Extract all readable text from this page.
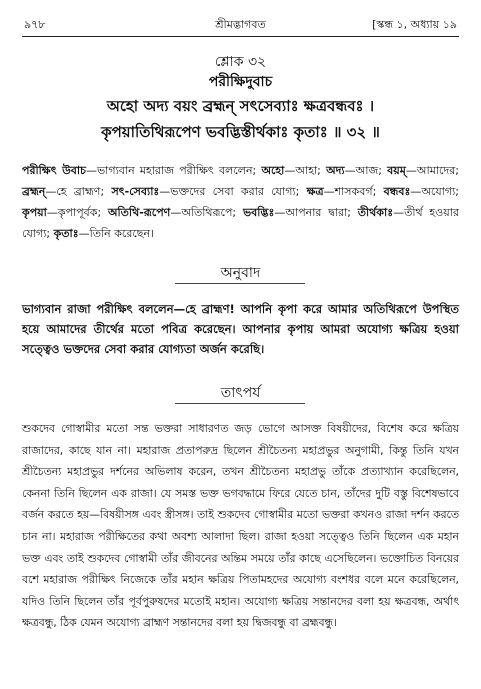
৯৭৮	শ্রীমদ্ভাগবত	[স্কন্ধ ১, অধ্যায় ১৯
শ্লোক ৩২
পরীক্ষিদুবাচ
অহো অদ্য বয়ং ব্রহ্মন্ সৎসেব্যাঃ ক্ষত্রবন্ধবঃ ।
কৃপয়াতিথিরূপেণ ভবদ্ভিস্তীর্থকাঃ কৃতাঃ ॥ ৩২ ॥
পরীক্ষিৎ উবাচ—ভাগ্যবান মহারাজ পরীক্ষিৎ বললেন; অহো—আহা; অদ্য—আজ; বয়ম্—আমাদের; ব্রহ্মন্—হে ব্রাহ্মণ; সৎ-সেব্যাঃ—ভক্তদের সেবা করার যোগ্য; ক্ষত্র—শাসকবর্গ; বন্ধবঃ—অযোগ্য; কৃপয়া—কৃপাপূর্বক; অতিথি-রূপেণ—অতিথিরূপে; ভবদ্ভিঃ—আপনার দ্বারা; তীর্থকাঃ—তীর্থ হওয়ার যোগ্য; কৃতাঃ—তিনি করেছেন।
অনুবাদ

ভাগ্যবান রাজা পরীক্ষিৎ বললেন—হে ব্রাহ্মণ! আপনি কৃপা করে আমার অতিথিরূপে উপস্থিত হয়ে আমাদের তীর্থের মতো পবিত্র করেছেন। আপনার কৃপায় আমরা অযোগ্য ক্ষত্রিয় হওয়া সত্ত্বেও ভক্তদের সেবা করার যোগ্যতা অর্জন করেছি।

তাৎপর্য

শুকদেব গোস্বামীর মতো সন্ত ভক্তরা সাধারণত জড় ভোগে আসক্ত বিষয়ীদের, বিশেষ করে ক্ষত্রিয় রাজাদের, কাছে যান না। মহারাজ প্রতাপরুদ্র ছিলেন শ্রীচৈতন্য মহাপ্রভুর অনুগামী, কিন্তু তিনি যখন শ্রীচৈতন্য মহাপ্রভুর দর্শনের অভিলাষ করেন, তখন শ্রীচৈতন্য মহাপ্রভু তাঁকে প্রত্যাখ্যান করেছিলেন, কেননা তিনি ছিলেন এক রাজা। যে সমস্ত ভক্ত ভগবদ্ধামে ফিরে যেতে চান, তাঁদের দুটি বস্তু বিশেষভাবে বর্জন করতে হয়—বিষয়ীসঙ্গ এবং স্ত্রীসঙ্গ। তাই শুকদেব গোস্বামীর মতো ভক্তরা কখনও রাজা দর্শন করতে চান না। মহারাজ পরীক্ষিতের কথা অবশ্য আলাদা ছিল। রাজা হওয়া সত্ত্বেও তিনি ছিলেন এক মহান ভক্ত এবং তাই শুকদেব গোস্বামী তাঁর জীবনের অন্তিম সময়ে তাঁর কাছে এসেছিলেন। ভক্তোচিত বিনয়ের বশে মহারাজ পরীক্ষিৎ নিজেকে তাঁর মহান ক্ষত্রিয় পিতামহদের অযোগ্য বংশধর বলে মনে করেছিলেন, যদিও তিনি ছিলেন তাঁর পূর্বপুরুষদের মতোই মহান। অযোগ্য ক্ষত্রিয় সন্তানদের বলা হয় ক্ষত্রবন্ধ, অর্থাৎ ক্ষত্রবন্ধু, ঠিক যেমন অযোগ্য ব্রাহ্মণ সন্তানদের বলা হয় দ্বিজবন্ধু বা ব্রহ্মবন্ধু।
